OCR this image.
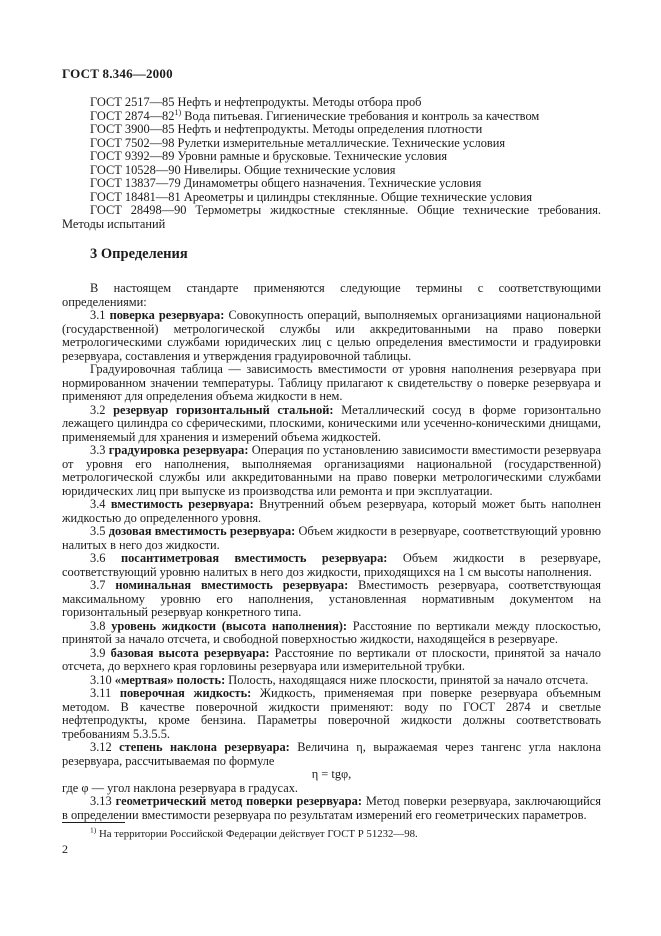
ГОСТ 8.346—2000

ГОСТ 2517—85 Нефть и нефтепродукты. Методы отбора проб

ГОСТ 2874—82$^{1)}$ Вода питьевая. Гигиенические требования и контроль за качеством

ГОСТ 3900—85 Нефть и нефтепродукты. Методы определения плотности

ГОСТ 7502—98 Рулетки измерительные металлические. Технические условия

ГОСТ 9392—89 Уровни рамные и брусковые. Технические условия

ГОСТ 10528—90 Нивелиры. Общие технические условия

ГОСТ 13837—79 Динамометры общего назначения. Технические условия

ГОСТ 18481—81 Ареометры и цилиндры стеклянные. Общие технические условия

ГОСТ 28498—90 Термометры жидкостные стеклянные. Общие технические требования. Методы испытаний

3 Определения

В настоящем стандарте применяются следующие термины с соответствующими определениями:

3.1 поверка резервуара: Совокупность операций, выполняемых организациями национальной (государственной) метрологической службы или аккредитованными на право поверки метрологическими службами юридических лиц с целью определения вместимости и градуировки резервуара, составления и утверждения градуировочной таблицы.

Градуировочная таблица — зависимость вместимости от уровня наполнения резервуара при нормированном значении температуры. Таблицу прилагают к свидетельству о поверке резервуара и применяют для определения объема жидкости в нем.

3.2 резервуар горизонтальный стальной: Металлический сосуд в форме горизонтально лежащего цилиндра со сферическими, плоскими, коническими или усеченно-коническими днищами, применяемый для хранения и измерений объема жидкостей.

3.3 градуировка резервуара: Операция по установлению зависимости вместимости резервуара от уровня его наполнения, выполняемая организациями национальной (государственной) метрологической службы или аккредитованными на право поверки метрологическими службами юридических лиц при выпуске из производства или ремонта и при эксплуатации.

3.4 вместимость резервуара: Внутренний объем резервуара, который может быть наполнен жидкостью до определенного уровня.

3.5 дозовая вместимость резервуара: Объем жидкости в резервуаре, соответствующий уровню налитых в него доз жидкости.

3.6 посантиметровая вместимость резервуара: Объем жидкости в резервуаре, соответствующий уровню налитых в него доз жидкости, приходящихся на 1 см высоты наполнения.

3.7 номинальная вместимость резервуара: Вместимость резервуара, соответствующая максимальному уровню его наполнения, установленная нормативным документом на горизонтальный резервуар конкретного типа.

3.8 уровень жидкости (высота наполнения): Расстояние по вертикали между плоскостью, принятой за начало отсчета, и свободной поверхностью жидкости, находящейся в резервуаре.

3.9 базовая высота резервуара: Расстояние по вертикали от плоскости, принятой за начало отсчета, до верхнего края горловины резервуара или измерительной трубки.

3.10 «мертвая» полость: Полость, находящаяся ниже плоскости, принятой за начало отсчета.

3.11 поверочная жидкость: Жидкость, применяемая при поверке резервуара объемным методом. В качестве поверочной жидкости применяют: воду по ГОСТ 2874 и светлые нефтепродукты, кроме бензина. Параметры поверочной жидкости должны соответствовать требованиям 5.3.5.5.

3.12 степень наклона резервуара: Величина η, выражаемая через тангенс угла наклона резервуара, рассчитываемая по формуле

η = tgφ,

где φ — угол наклона резервуара в градусах.

3.13 геометрический метод поверки резервуара: Метод поверки резервуара, заключающийся в определении вместимости резервуара по результатам измерений его геометрических параметров.

$^{1)}$ На территории Российской Федерации действует ГОСТ Р 51232—98.
2
